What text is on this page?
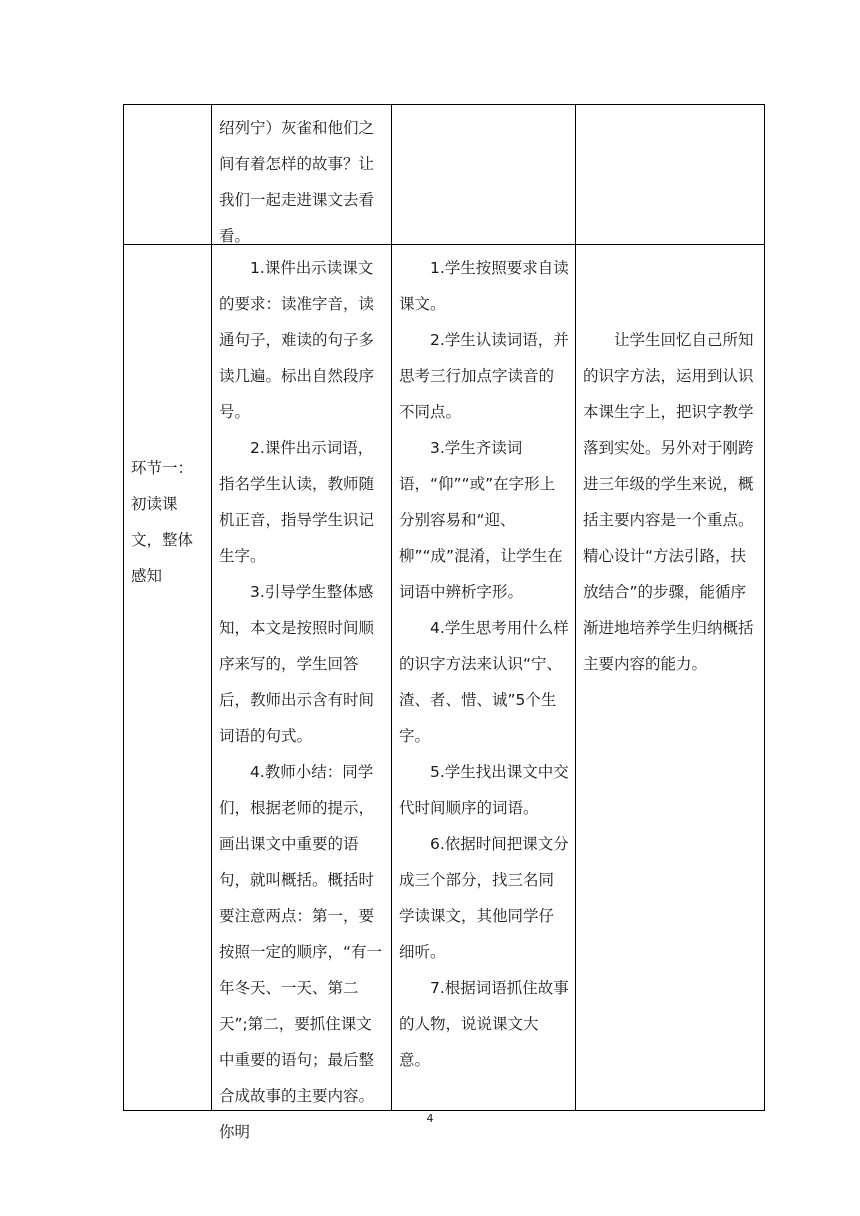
绍列宁）灰雀和他们之间有着怎样的故事？让我们一起走进课文去看看。

环节一：初读课文，整体感知

1.课件出示读课文的要求：读准字音，读通句子，难读的句子多读几遍。标出自然段序号。

2.课件出示词语，指名学生认读，教师随机正音，指导学生识记生字。

3.引导学生整体感知，本文是按照时间顺序来写的，学生回答后，教师出示含有时间词语的句式。

4.教师小结：同学们，根据老师的提示，画出课文中重要的语句，就叫概括。概括时要注意两点：第一，要按照一定的顺序，“有一年冬天、一天、第二天”;第二，要抓住课文中重要的语句；最后整合成故事的主要内容。你明

1.学生按照要求自读课文。

2.学生认读词语，并思考三行加点字读音的不同点。

3.学生齐读词语，“仰”“或”在字形上分别容易和“迎、柳”“成”混淆，让学生在词语中辨析字形。

4.学生思考用什么样的识字方法来认识“宁、渣、者、惜、诚”5个生字。

5.学生找出课文中交代时间顺序的词语。

6.依据时间把课文分成三个部分，找三名同学读课文，其他同学仔细听。

7.根据词语抓住故事的人物，说说课文大意。

让学生回忆自己所知的识字方法，运用到认识本课生字上，把识字教学落到实处。另外对于刚跨进三年级的学生来说，概括主要内容是一个重点。精心设计“方法引路，扶放结合”的步骤，能循序渐进地培养学生归纳概括主要内容的能力。

4
